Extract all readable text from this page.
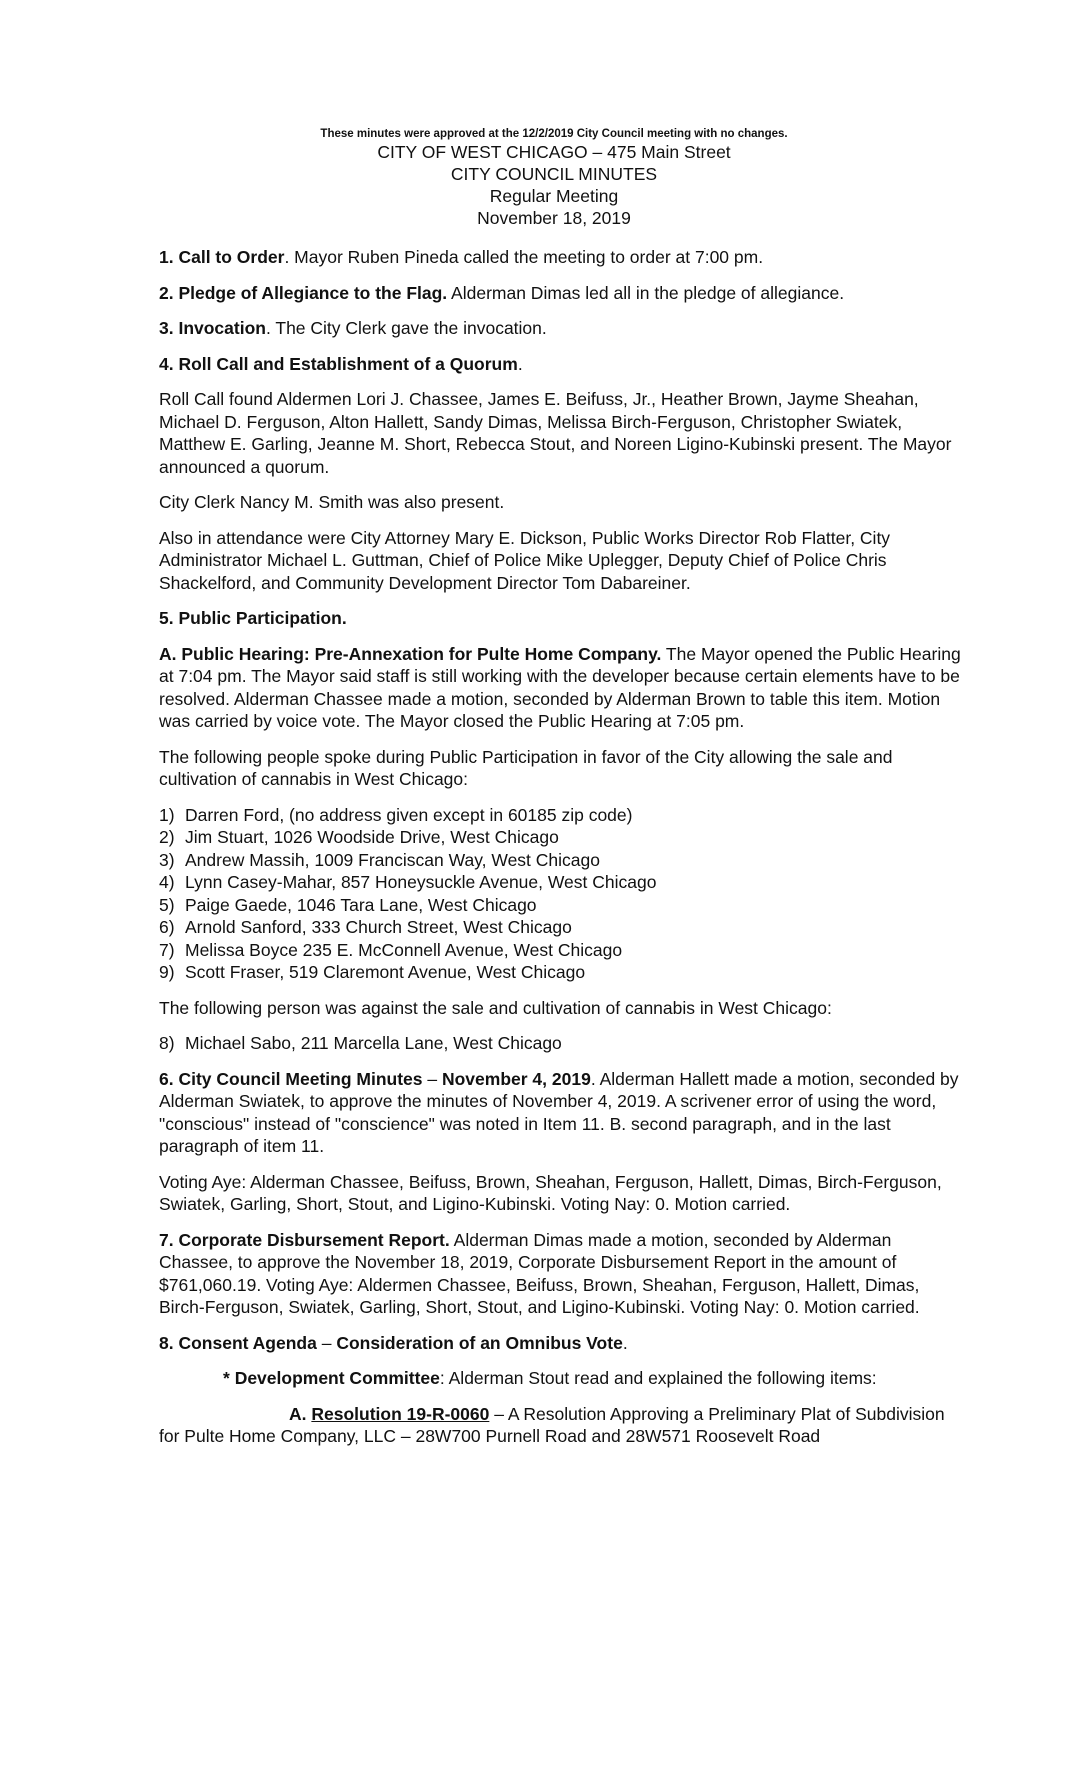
These minutes were approved at the 12/2/2019 City Council meeting with no changes.
CITY OF WEST CHICAGO – 475 Main Street
CITY COUNCIL MINUTES
Regular Meeting
November 18, 2019

1. Call to Order. Mayor Ruben Pineda called the meeting to order at 7:00 pm.

2. Pledge of Allegiance to the Flag. Alderman Dimas led all in the pledge of allegiance.

3. Invocation. The City Clerk gave the invocation.

4. Roll Call and Establishment of a Quorum.

Roll Call found Aldermen Lori J. Chassee, James E. Beifuss, Jr., Heather Brown, Jayme Sheahan, Michael D. Ferguson, Alton Hallett, Sandy Dimas, Melissa Birch-Ferguson, Christopher Swiatek, Matthew E. Garling, Jeanne M. Short, Rebecca Stout, and Noreen Ligino-Kubinski present. The Mayor announced a quorum.

City Clerk Nancy M. Smith was also present.

Also in attendance were City Attorney Mary E. Dickson, Public Works Director Rob Flatter, City Administrator Michael L. Guttman, Chief of Police Mike Uplegger, Deputy Chief of Police Chris Shackelford, and Community Development Director Tom Dabareiner.

5. Public Participation.

A. Public Hearing: Pre-Annexation for Pulte Home Company. The Mayor opened the Public Hearing at 7:04 pm. The Mayor said staff is still working with the developer because certain elements have to be resolved. Alderman Chassee made a motion, seconded by Alderman Brown to table this item. Motion was carried by voice vote. The Mayor closed the Public Hearing at 7:05 pm.

The following people spoke during Public Participation in favor of the City allowing the sale and cultivation of cannabis in West Chicago:

1) Darren Ford, (no address given except in 60185 zip code)
2) Jim Stuart, 1026 Woodside Drive, West Chicago
3) Andrew Massih, 1009 Franciscan Way, West Chicago
4) Lynn Casey-Mahar, 857 Honeysuckle Avenue, West Chicago
5) Paige Gaede, 1046 Tara Lane, West Chicago
6) Arnold Sanford, 333 Church Street, West Chicago
7) Melissa Boyce 235 E. McConnell Avenue, West Chicago
9) Scott Fraser, 519 Claremont Avenue, West Chicago

The following person was against the sale and cultivation of cannabis in West Chicago:

8) Michael Sabo, 211 Marcella Lane, West Chicago

6. City Council Meeting Minutes – November 4, 2019. Alderman Hallett made a motion, seconded by Alderman Swiatek, to approve the minutes of November 4, 2019. A scrivener error of using the word, "conscious" instead of "conscience" was noted in Item 11. B. second paragraph, and in the last paragraph of item 11.

Voting Aye: Alderman Chassee, Beifuss, Brown, Sheahan, Ferguson, Hallett, Dimas, Birch-Ferguson, Swiatek, Garling, Short, Stout, and Ligino-Kubinski. Voting Nay: 0. Motion carried.

7. Corporate Disbursement Report. Alderman Dimas made a motion, seconded by Alderman Chassee, to approve the November 18, 2019, Corporate Disbursement Report in the amount of $761,060.19. Voting Aye: Aldermen Chassee, Beifuss, Brown, Sheahan, Ferguson, Hallett, Dimas, Birch-Ferguson, Swiatek, Garling, Short, Stout, and Ligino-Kubinski. Voting Nay: 0. Motion carried.

8. Consent Agenda – Consideration of an Omnibus Vote.

* Development Committee: Alderman Stout read and explained the following items:

A. Resolution 19-R-0060 – A Resolution Approving a Preliminary Plat of Subdivision for Pulte Home Company, LLC – 28W700 Purnell Road and 28W571 Roosevelt Road
